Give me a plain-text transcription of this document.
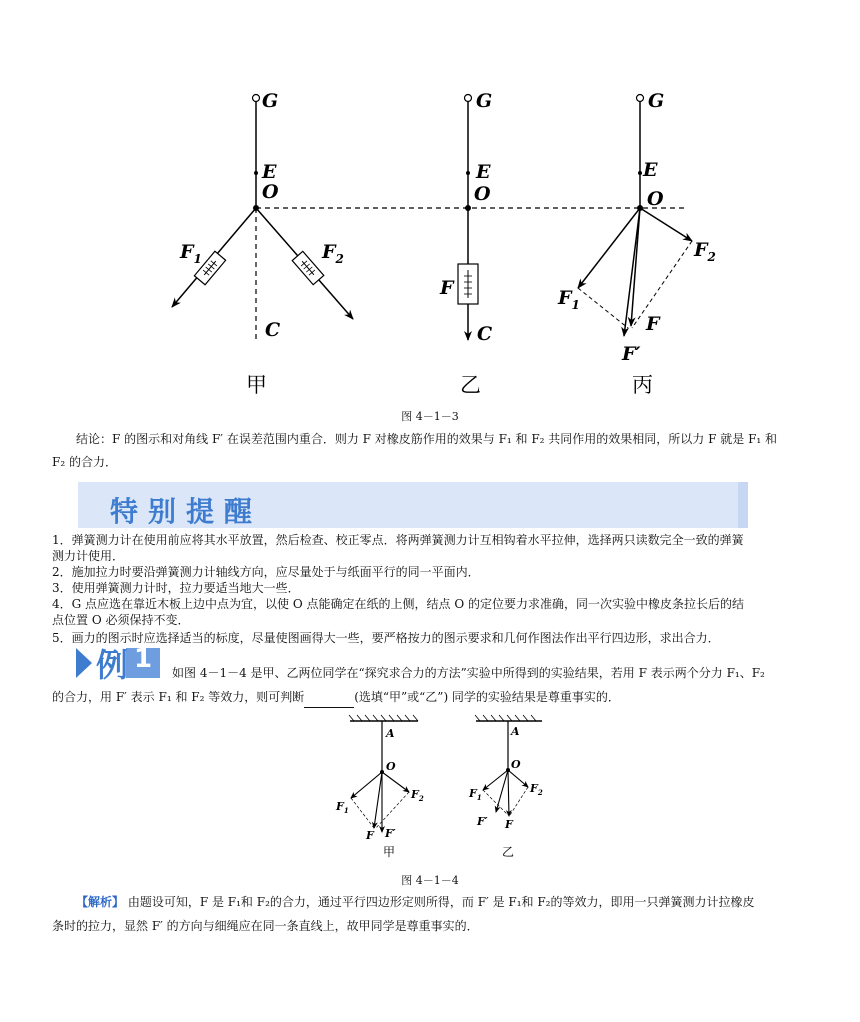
G
E
O
C
$F_1$	$F_2$
甲
G
E
O
F
C
乙
G
E
O
$F_2$
$F_1$
F
F′
丙
图 4－1－3
结论：F 的图示和对角线 F′ 在误差范围内重合．则力 F 对橡皮筋作用的效果与 F₁ 和 F₂ 共同作用的效果相同，所以力 F 就是 F₁ 和
F₂ 的合力．
特别提醒
1．弹簧测力计在使用前应将其水平放置，然后检查、校正零点．将两弹簧测力计互相钩着水平拉伸，选择两只读数完全一致的弹簧
测力计使用．
2．施加拉力时要沿弹簧测力计轴线方向，应尽量处于与纸面平行的同一平面内．
3．使用弹簧测力计时，拉力要适当地大一些．
4．G 点应选在靠近木板上边中点为宜，以使 O 点能确定在纸的上侧，结点 O 的定位要力求准确，同一次实验中橡皮条拉长后的结
点位置 O 必须保持不变．
5．画力的图示时应选择适当的标度，尽量使图画得大一些，要严格按力的图示要求和几何作图法作出平行四边形，求出合力．
例 1 如图 4－1－4 是甲、乙两位同学在“探究求合力的方法”实验中所得到的实验结果，若用 F 表示两个分力 F₁、F₂
的合力，用 F′ 表示 F₁ 和 F₂ 等效力，则可判断	(选填“甲”或“乙”) 同学的实验结果是尊重事实的．
A
O
$F_1$
$F_2$
F F′
甲
A
O
$F_1$
$F_2$
F′ F
乙
图 4－1－4
【解析】 由题设可知，F 是 F₁和 F₂的合力，通过平行四边形定则所得，而 F′ 是 F₁和 F₂的等效力，即用一只弹簧测力计拉橡皮
条时的拉力，显然 F′ 的方向与细绳应在同一条直线上，故甲同学是尊重事实的．
